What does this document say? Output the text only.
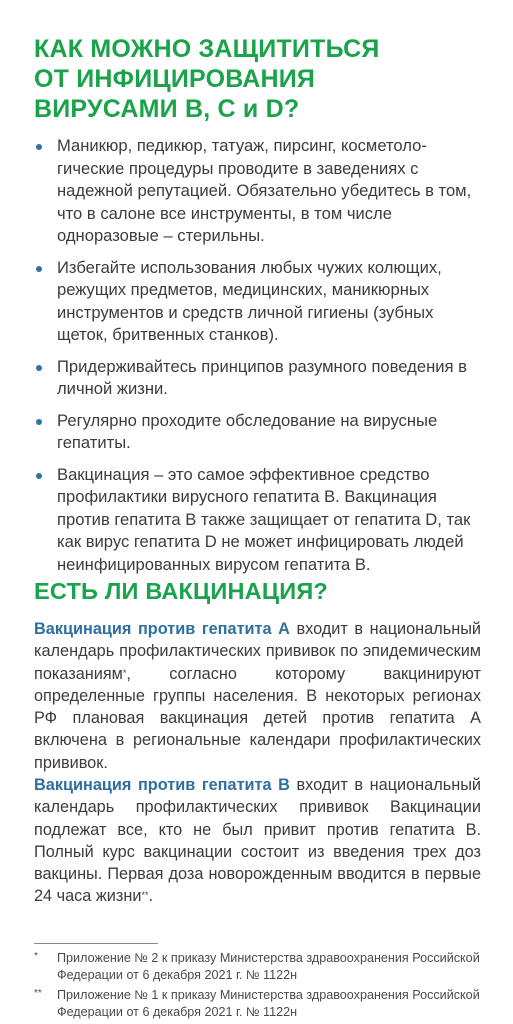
КАК МОЖНО ЗАЩИТИТЬСЯ
ОТ ИНФИЦИРОВАНИЯ
ВИРУСАМИ B, C и D?
Маникюр, педикюр, татуаж, пирсинг, косметоло-гические процедуры проводите в заведениях с надежной репутацией. Обязательно убедитесь в том, что в салоне все инструменты, в том числе одноразовые – стерильны.
Избегайте использования любых чужих колющих, режущих предметов, медицинских, маникюрных инструментов и средств личной гигиены (зубных щеток, бритвенных станков).
Придерживайтесь принципов разумного поведения в личной жизни.
Регулярно проходите обследование на вирусные гепатиты.
Вакцинация – это самое эффективное средство профилактики вирусного гепатита В. Вакцинация против гепатита В также защищает от гепатита D, так как вирус гепатита D не может инфицировать людей неинфицированных вирусом гепатита В.
ЕСТЬ ЛИ ВАКЦИНАЦИЯ?

Вакцинация против гепатита А входит в национальный календарь профилактических прививок по эпидемическим показаниям*, согласно которому вакцинируют определенные группы населения. В некоторых регионах РФ плановая вакцинация детей против гепатита А включена в региональные календари профилактических прививок.

Вакцинация против гепатита В входит в национальный календарь профилактических прививок Вакцинации подлежат все, кто не был привит против гепатита В. Полный курс вакцинации состоит из введения трех доз вакцины. Первая доза новорожденным вводится в первые 24 часа жизни**.

*	Приложение № 2 к приказу Министерства здравоохранения Российской Федерации от 6 декабря 2021 г. № 1122н
**	Приложение № 1 к приказу Министерства здравоохранения Российской Федерации от 6 декабря 2021 г. № 1122н
